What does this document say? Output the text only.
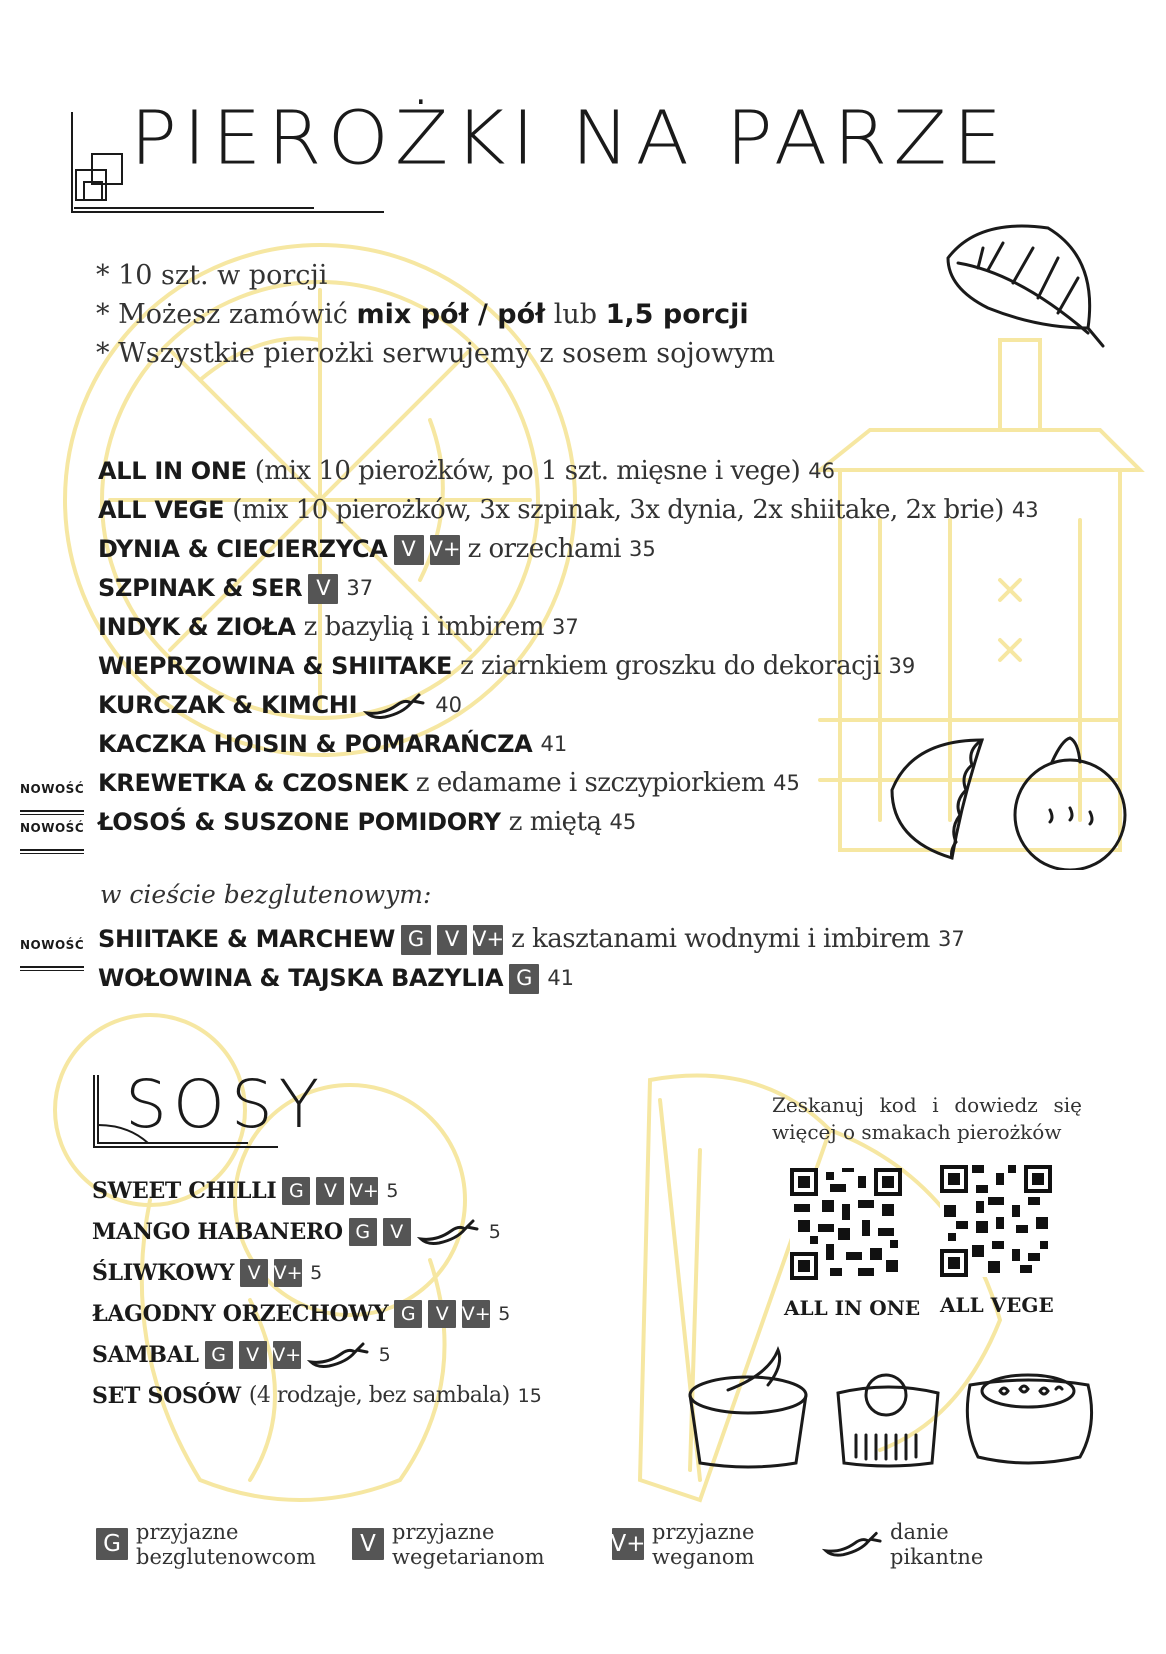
PIEROŻKI NA PARZE
* 10 szt. w porcji
* Możesz zamówić mix pół / pół lub 1,5 porcji
* Wszystkie pierożki serwujemy z sosem sojowym
ALL IN ONE (mix 10 pierożków, po 1 szt. mięsne i vege) 46
ALL VEGE (mix 10 pierożków, 3x szpinak, 3x dynia, 2x shiitake, 2x brie) 43
DYNIA & CIECIERZYCA V V+ z orzechami 35
SZPINAK & SER V 37
INDYK & ZIOŁA z bazylią i imbirem 37
WIEPRZOWINA & SHIITAKE z ziarnkiem groszku do dekoracji 39
KURCZAK & KIMCHI	40
KACZKA HOISIN & POMARAŃCZA 41
NOWOŚĆ KREWETKA & CZOSNEK z edamame i szczypiorkiem 45
NOWOŚĆ ŁOSOŚ & SUSZONE POMIDORY z miętą 45
w cieście bezglutenowym:
NOWOŚĆ SHIITAKE & MARCHEW G V V+ z kasztanami wodnymi i imbirem 37
WOŁOWINA & TAJSKA BAZYLIA G 41
SOSY
SWEET CHILLI G	V V+ 5
MANGO HABANERO G	V	5
ŚLIWKOWY V V+ 5
ŁAGODNY ORZECHOWY G	V V+ 5
SAMBAL G	V V+	5
SET SOSÓW (4 rodzaje, bez sambala) 15
Zeskanuj kod i dowiedz się więcej o smakach pierożków
ALL IN ONE ALL VEGE
G przyjazne
bezglutenowcom	V przyjazne
wegetarianom	V+ przyjazne
weganom
danie
pikantne
